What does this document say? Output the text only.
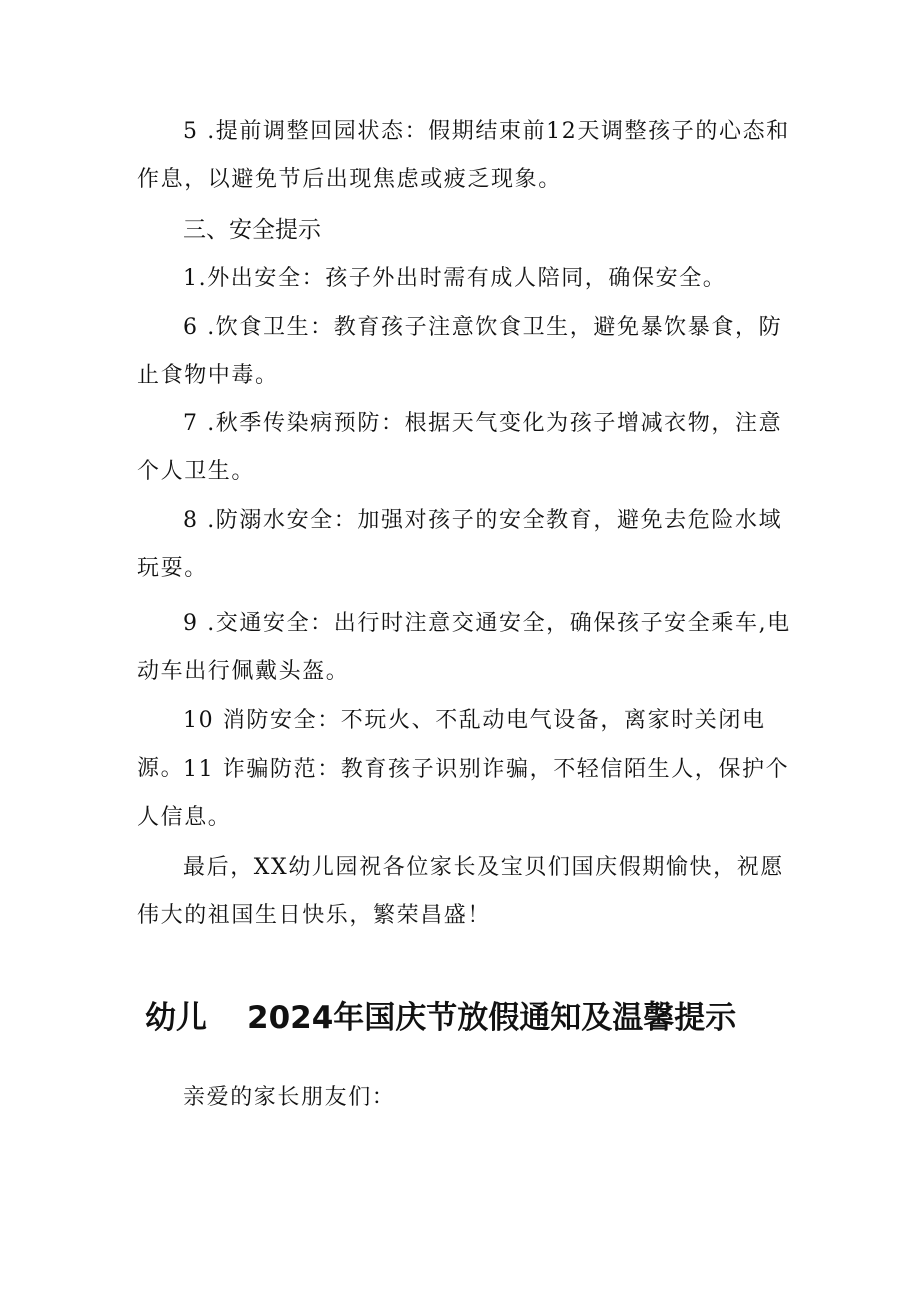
5 .提前调整回园状态：假期结束前12天调整孩子的心态和作息，以避免节后出现焦虑或疲乏现象。

三、安全提示

1.外出安全：孩子外出时需有成人陪同，确保安全。

6 .饮食卫生：教育孩子注意饮食卫生，避免暴饮暴食，防止食物中毒。

7 .秋季传染病预防：根据天气变化为孩子增减衣物，注意个人卫生。

8 .防溺水安全：加强对孩子的安全教育，避免去危险水域玩耍。

9 .交通安全：出行时注意交通安全，确保孩子安全乘车,电动车出行佩戴头盔。

10 消防安全：不玩火、不乱动电气设备，离家时关闭电源。

11 诈骗防范：教育孩子识别诈骗，不轻信陌生人，保护个人信息。

最后，XX幼儿园祝各位家长及宝贝们国庆假期愉快，祝愿伟大的祖国生日快乐，繁荣昌盛！

幼儿 2024年国庆节放假通知及温馨提示

亲爱的家长朋友们：
